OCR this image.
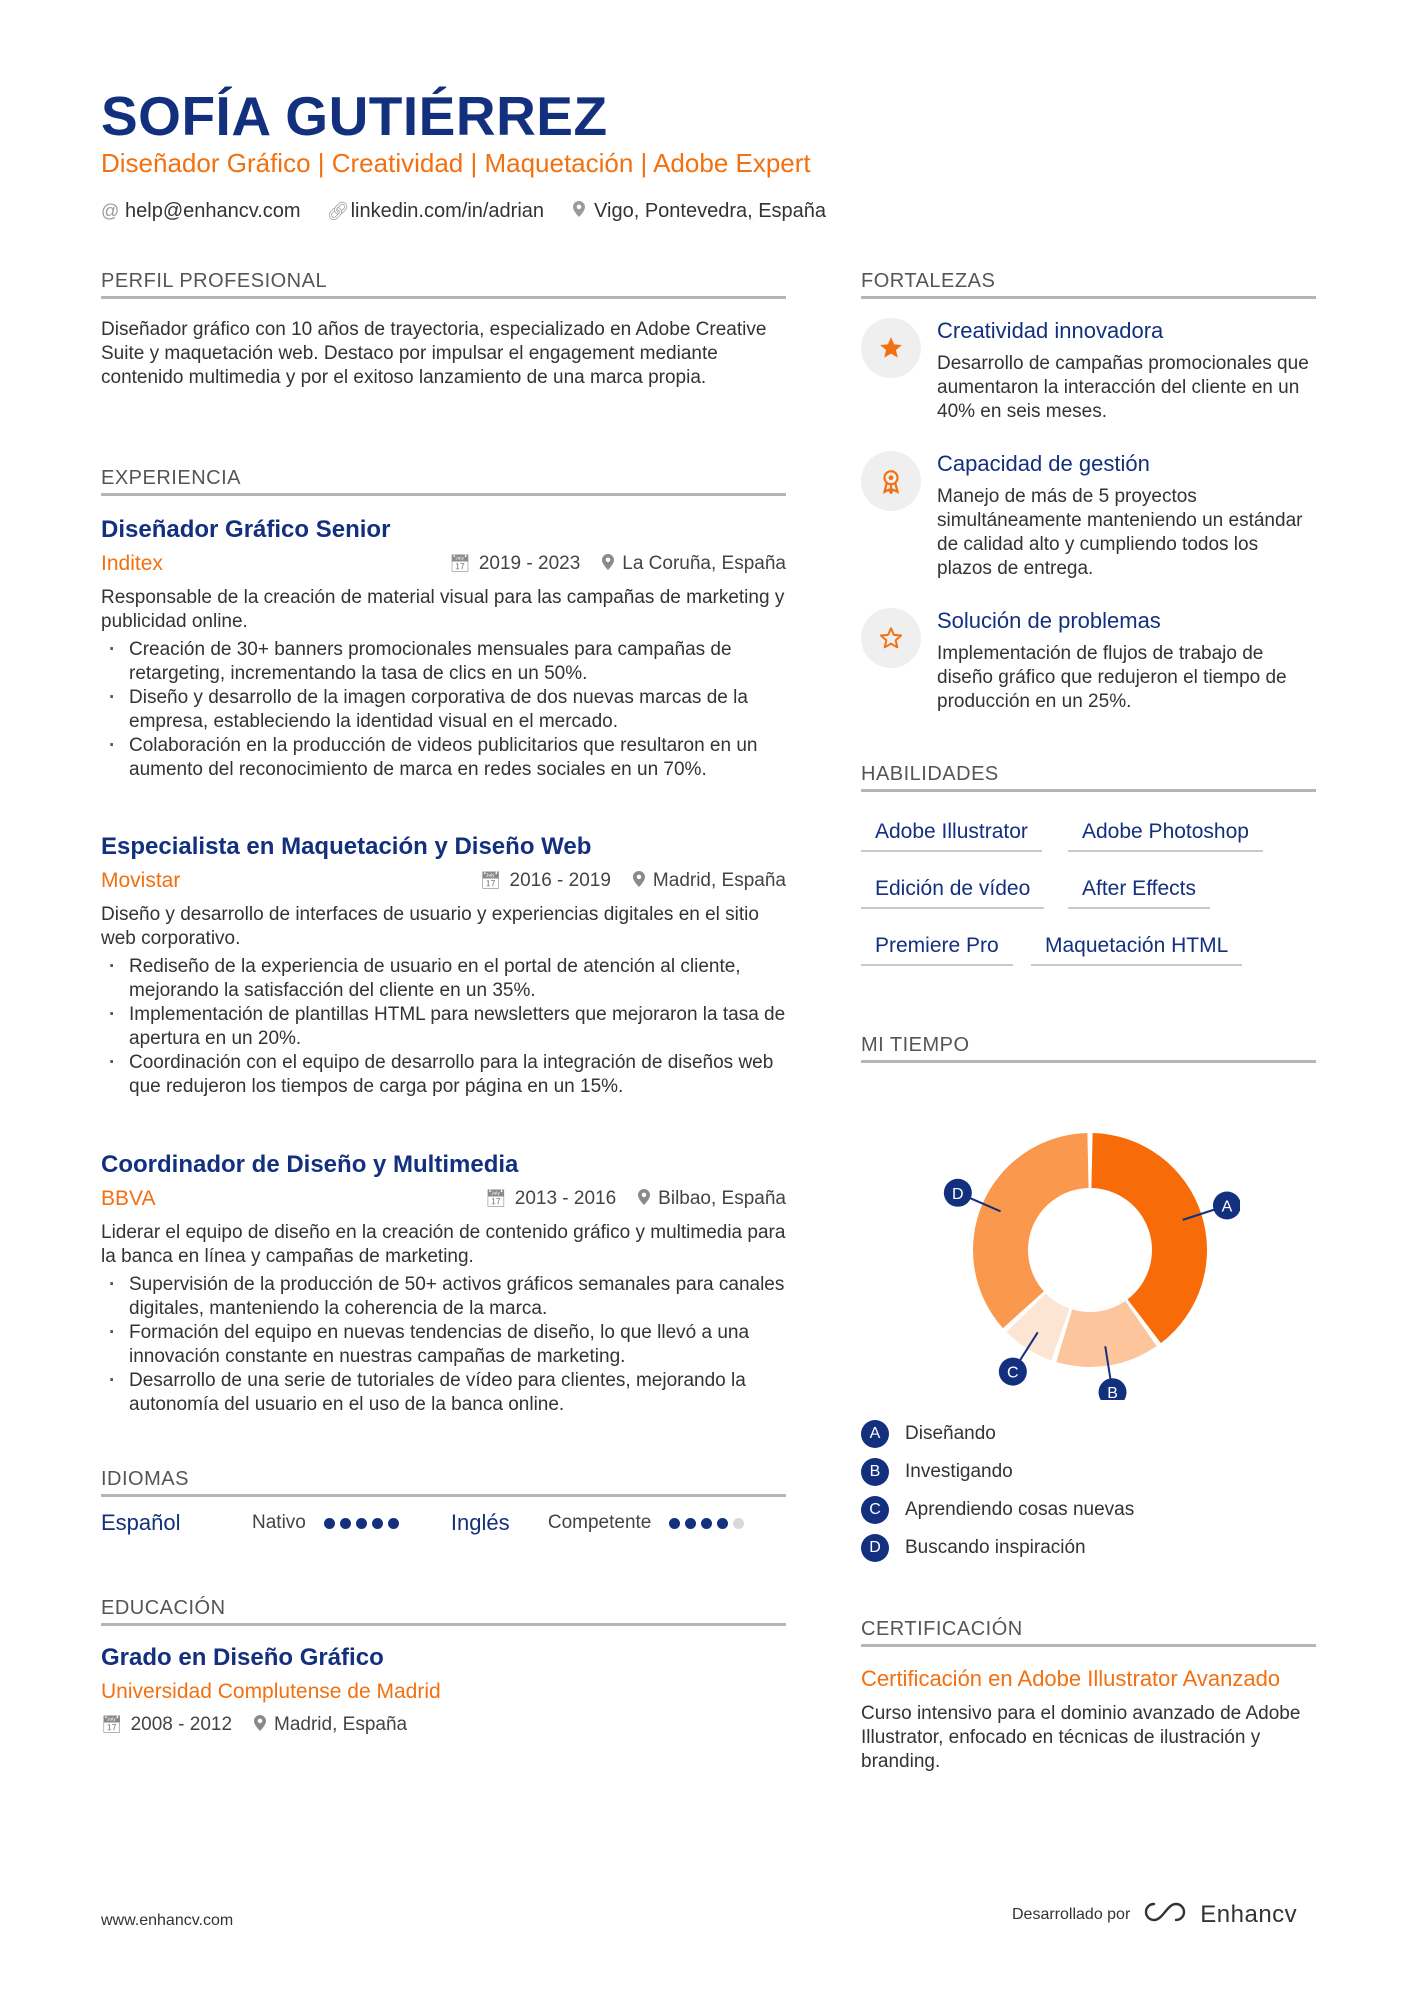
SOFÍA GUTIÉRREZ
Diseñador Gráfico | Creatividad | Maquetación | Adobe Expert
@ help@enhancv.com 🔗︎ linkedin.com/in/adrian	Vigo, Pontevedra, España
PERFIL PROFESIONAL
Diseñador gráfico con 10 años de trayectoria, especializado en Adobe Creative Suite y maquetación web. Destaco por impulsar el engagement mediante contenido multimedia y por el exitoso lanzamiento de una marca propia.
EXPERIENCIA
Diseñador Gráfico Senior
Inditex	📅︎ 2019 - 2023 La Coruña, España
Responsable de la creación de material visual para las campañas de marketing y publicidad online.
· Creación de 30+ banners promocionales mensuales para campañas de retargeting, incrementando la tasa de clics en un 50%.
· Diseño y desarrollo de la imagen corporativa de dos nuevas marcas de la empresa, estableciendo la identidad visual en el mercado.
· Colaboración en la producción de videos publicitarios que resultaron en un aumento del reconocimiento de marca en redes sociales en un 70%.
Especialista en Maquetación y Diseño Web
Movistar	📅︎ 2016 - 2019 Madrid, España
Diseño y desarrollo de interfaces de usuario y experiencias digitales en el sitio web corporativo.
· Rediseño de la experiencia de usuario en el portal de atención al cliente, mejorando la satisfacción del cliente en un 35%.
· Implementación de plantillas HTML para newsletters que mejoraron la tasa de apertura en un 20%.
· Coordinación con el equipo de desarrollo para la integración de diseños web que redujeron los tiempos de carga por página en un 15%.
Coordinador de Diseño y Multimedia
BBVA	📅︎ 2013 - 2016 Bilbao, España
Liderar el equipo de diseño en la creación de contenido gráfico y multimedia para la banca en línea y campañas de marketing.
· Supervisión de la producción de 50+ activos gráficos semanales para canales digitales, manteniendo la coherencia de la marca.
· Formación del equipo en nuevas tendencias de diseño, lo que llevó a una innovación constante en nuestras campañas de marketing.
· Desarrollo de una serie de tutoriales de vídeo para clientes, mejorando la autonomía del usuario en el uso de la banca online.
IDIOMAS
Español	Nativo	Inglés	Competente
EDUCACIÓN
Grado en Diseño Gráfico
Universidad Complutense de Madrid
📅︎ 2008 - 2012 Madrid, España
FORTALEZAS
Creatividad innovadora
Desarrollo de campañas promocionales que aumentaron la interacción del cliente en un 40% en seis meses.
Capacidad de gestión
Manejo de más de 5 proyectos simultáneamente manteniendo un estándar de calidad alto y cumpliendo todos los plazos de entrega.
Solución de problemas
Implementación de flujos de trabajo de diseño gráfico que redujeron el tiempo de producción en un 25%.
HABILIDADES
Adobe Illustrator	Adobe Photoshop
Edición de vídeo	After Effects
Premiere Pro	Maquetación HTML
MI TIEMPO
A
B
C
D
A	Diseñando
B	Investigando
C	Aprendiendo cosas nuevas
D	Buscando inspiración
CERTIFICACIÓN
Certificación en Adobe Illustrator Avanzado
Curso intensivo para el dominio avanzado de Adobe Illustrator, enfocado en técnicas de ilustración y branding.
www.enhancv.com	Desarrollado por	Enhancv
